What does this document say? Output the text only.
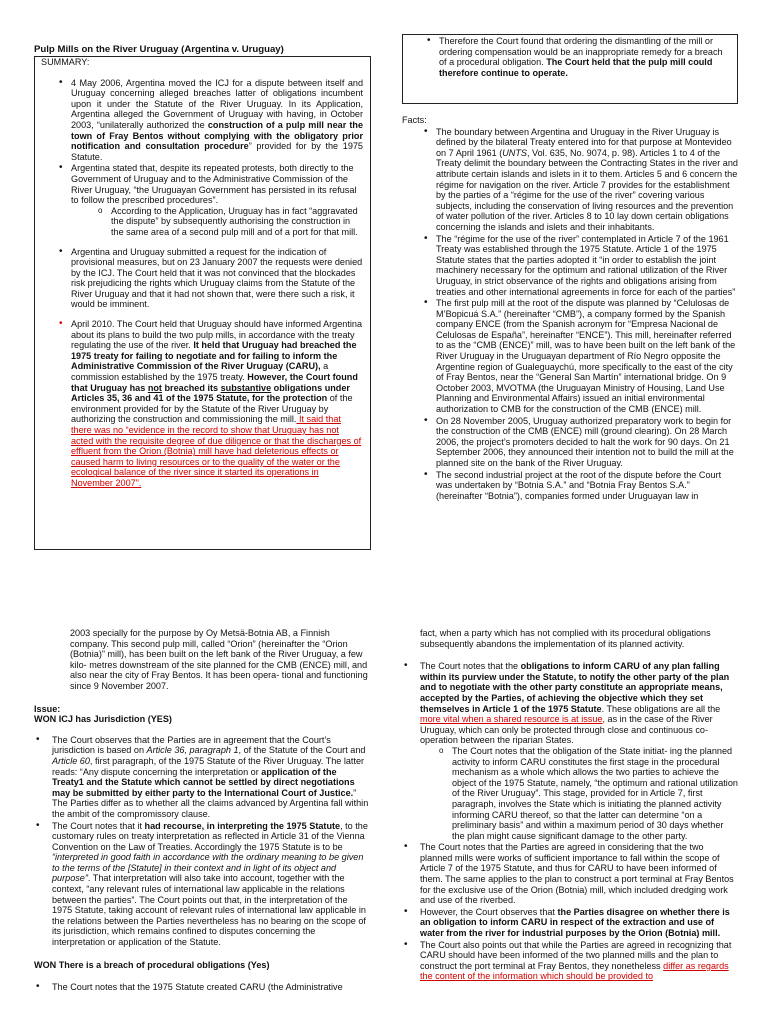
Pulp Mills on the River Uruguay (Argentina v. Uruguay)

SUMMARY:

• 4 May 2006, Argentina moved the ICJ for a dispute between itself and Uruguay concerning alleged breaches latter of obligations incumbent upon it under the Statute of the River Uruguay. In its Application, Argentina alleged the Government of Uruguay with having, in October 2003, “unilaterally authorized the construction of a pulp mill near the town of Fray Bentos without complying with the obligatory prior notification and consultation procedure” provided for by the 1975 Statute.
• Argentina stated that, despite its repeated protests, both directly to the Government of Uruguay and to the Administrative Commission of the River Uruguay, “the Uruguayan Government has persisted in its refusal to follow the prescribed procedures”.
o According to the Application, Uruguay has in fact “aggravated the dispute” by subsequently authorising the construction in the same area of a second pulp mill and of a port for that mill.
• Argentina and Uruguay submitted a request for the indication of provisional measures, but on 23 January 2007 the requests were denied by the ICJ. The Court held that it was not convinced that the blockades risk prejudicing the rights which Uruguay claims from the Statute of the River Uruguay and that it had not shown that, were there such a risk, it would be imminent.
• April 2010. The Court held that Uruguay should have informed Argentina about its plans to build the two pulp mills, in accordance with the treaty regulating the use of the river. It held that Uruguay had breached the 1975 treaty for failing to negotiate and for failing to inform the Administrative Commission of the River Uruguay (CARU), a commission established by the 1975 treaty. However, the Court found that Uruguay has not breached its substantive obligations under Articles 35, 36 and 41 of the 1975 Statute, for the protection of the environment provided for by the Statute of the River Uruguay by authorizing the construction and commissioning the mill. It said that there was no “evidence in the record to show that Uruguay has not acted with the requisite degree of due diligence or that the discharges of effluent from the Orion (Botnia) mill have had deleterious effects or caused harm to living resources or to the quality of the water or the ecological balance of the river since it started its operations in November 2007”.
• Therefore the Court found that ordering the dismantling of the mill or ordering compensation would be an inappropriate remedy for a breach of a procedural obligation. The Court held that the pulp mill could therefore continue to operate.

Facts:

• The boundary between Argentina and Uruguay in the River Uruguay is defined by the bilateral Treaty entered into for that purpose at Montevideo on 7 April 1961 (UNTS, Vol. 635, No. 9074, p. 98). Articles 1 to 4 of the Treaty delimit the boundary between the Contracting States in the river and attribute certain islands and islets in it to them. Articles 5 and 6 concern the régime for navigation on the river. Article 7 provides for the establishment by the parties of a “régime for the use of the river” covering various subjects, including the conservation of living resources and the prevention of water pollution of the river. Articles 8 to 10 lay down certain obligations concerning the islands and islets and their inhabitants.
• The “régime for the use of the river” contemplated in Article 7 of the 1961 Treaty was established through the 1975 Statute. Article 1 of the 1975 Statute states that the parties adopted it “in order to establish the joint machinery necessary for the optimum and rational utilization of the River Uruguay, in strict observance of the rights and obligations arising from treaties and other international agreements in force for each of the parties”
• The first pulp mill at the root of the dispute was planned by “Celulosas de M’Bopicuá S.A.” (hereinafter “CMB”), a company formed by the Spanish company ENCE (from the Spanish acronym for “Empresa Nacional de Celulosas de España”, hereinafter “ENCE”). This mill, hereinafter referred to as the “CMB (ENCE)” mill, was to have been built on the left bank of the River Uruguay in the Uruguayan department of Río Negro opposite the Argentine region of Gualeguaychú, more specifically to the east of the city of Fray Bentos, near the “General San Martín” international bridge. On 9 October 2003, MVOTMA (the Uruguayan Ministry of Housing, Land Use Planning and Environmental Affairs) issued an initial environmental authorization to CMB for the construction of the CMB (ENCE) mill.
• On 28 November 2005, Uruguay authorized preparatory work to begin for the construction of the CMB (ENCE) mill (ground clearing). On 28 March 2006, the project’s promoters decided to halt the work for 90 days. On 21 September 2006, they announced their intention not to build the mill at the planned site on the bank of the River Uruguay.
• The second industrial project at the root of the dispute before the Court was undertaken by “Botnia S.A.” and “Botnia Fray Bentos S.A.” (hereinafter “Botnia”), companies formed under Uruguayan law in

2003 specially for the purpose by Oy Metsä-Botnia AB, a Finnish company. This second pulp mill, called “Orion” (hereinafter the “Orion (Botnia)” mill), has been built on the left bank of the River Uruguay, a few kilo- metres downstream of the site planned for the CMB (ENCE) mill, and also near the city of Fray Bentos. It has been opera- tional and functioning since 9 November 2007.

Issue:

WON ICJ has Jurisdiction (YES)

• The Court observes that the Parties are in agreement that the Court’s jurisdiction is based on Article 36, paragraph 1, of the Statute of the Court and Article 60, first paragraph, of the 1975 Statute of the River Uruguay. The latter reads: “Any dispute concerning the interpretation or application of the Treaty1 and the Statute which cannot be settled by direct negotiations may be submitted by either party to the International Court of Justice.” The Parties differ as to whether all the claims advanced by Argentina fall within the ambit of the compromissory clause.
• The Court notes that it had recourse, in interpreting the 1975 Statute, to the customary rules on treaty interpretation as reflected in Article 31 of the Vienna Convention on the Law of Treaties. Accordingly the 1975 Statute is to be “interpreted in good faith in accordance with the ordinary meaning to be given to the terms of the [Statute] in their context and in light of its object and purpose”. That interpretation will also take into account, together with the context, “any relevant rules of international law applicable in the relations between the parties”. The Court points out that, in the interpretation of the 1975 Statute, taking account of relevant rules of international law applicable in the relations between the Parties nevertheless has no bearing on the scope of its jurisdiction, which remains confined to disputes concerning the interpretation or application of the Statute.

WON There is a breach of procedural obligations (Yes)

• The Court notes that the 1975 Statute created CARU (the Administrative

fact, when a party which has not complied with its procedural obligations subsequently abandons the implementation of its planned activity.

• The Court notes that the obligations to inform CARU of any plan falling within its purview under the Statute, to notify the other party of the plan and to negotiate with the other party constitute an appropriate means, accepted by the Parties, of achieving the objective which they set themselves in Article 1 of the 1975 Statute. These obligations are all the more vital when a shared resource is at issue, as in the case of the River Uruguay, which can only be protected through close and continuous co-operation between the riparian States.
o The Court notes that the obligation of the State initiat- ing the planned activity to inform CARU constitutes the first stage in the procedural mechanism as a whole which allows the two parties to achieve the object of the 1975 Statute, namely, “the optimum and rational utilization of the River Uruguay”. This stage, provided for in Article 7, first paragraph, involves the State which is initiating the planned activity informing CARU thereof, so that the latter can determine “on a preliminary basis” and within a maximum period of 30 days whether the plan might cause significant damage to the other party.
• The Court notes that the Parties are agreed in considering that the two planned mills were works of sufficient importance to fall within the scope of Article 7 of the 1975 Statute, and thus for CARU to have been informed of them. The same applies to the plan to construct a port terminal at Fray Bentos for the exclusive use of the Orion (Botnia) mill, which included dredging work and use of the riverbed.
• However, the Court observes that the Parties disagree on whether there is an obligation to inform CARU in respect of the extraction and use of water from the river for industrial purposes by the Orion (Botnia) mill.
• The Court also points out that while the Parties are agreed in recognizing that CARU should have been informed of the two planned mills and the plan to construct the port terminal at Fray Bentos, they nonetheless differ as regards the content of the information which should be provided to
